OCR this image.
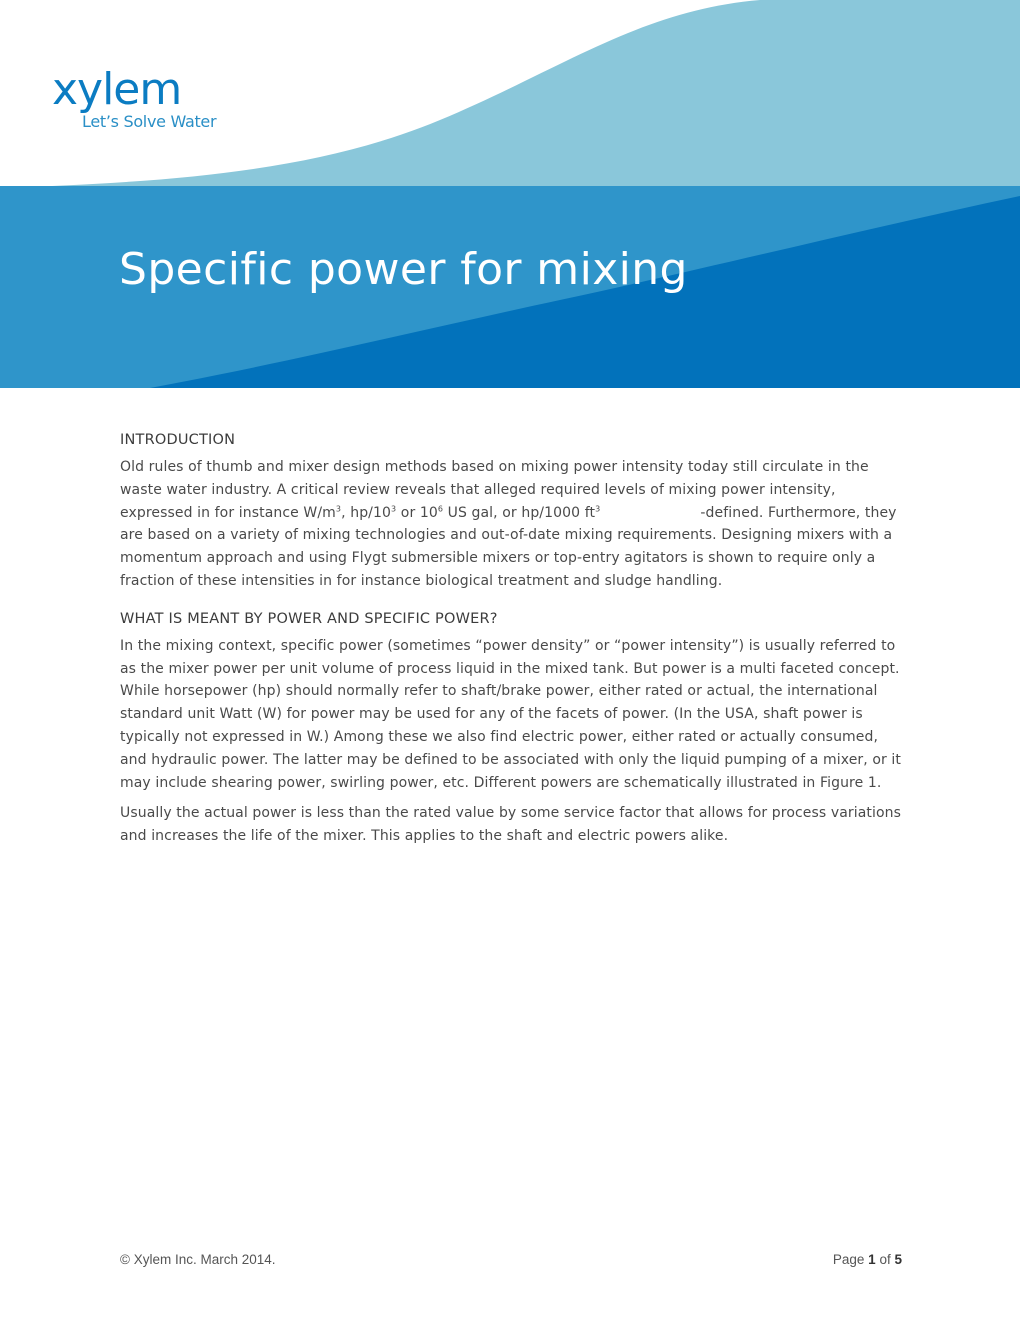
xylem
Let’s Solve Water
Specific power for mixing
INTRODUCTION

Old rules of thumb and mixer design methods based on mixing power intensity today still circulate in the waste water industry. A critical review reveals that alleged required levels of mixing power intensity, expressed in for instance $W/m^3$, $hp/10^3$ or $10^6$ US gal, or hp/1000 $ft^3$                      -defined. Furthermore, they are based on a variety of mixing technologies and out-of-date mixing requirements. Designing mixers with a momentum approach and using Flygt submersible mixers or top-entry agitators is shown to require only a fraction of these intensities in for instance biological treatment and sludge handling.

WHAT IS MEANT BY POWER AND SPECIFIC POWER?

In the mixing context, specific power (sometimes “power density” or “power intensity”) is usually referred to as the mixer power per unit volume of process liquid in the mixed tank. But power is a multi faceted concept. While horsepower (hp) should normally refer to shaft/brake power, either rated or actual, the international standard unit Watt (W) for power may be used for any of the facets of power. (In the USA, shaft power is typically not expressed in W.) Among these we also find electric power, either rated or actually consumed, and hydraulic power. The latter may be defined to be associated with only the liquid pumping of a mixer, or it may include shearing power, swirling power, etc. Different powers are schematically illustrated in Figure 1.

Usually the actual power is less than the rated value by some service factor that allows for process variations and increases the life of the mixer. This applies to the shaft and electric powers alike.

© Xylem Inc. March 2014.	Page 1 of 5
